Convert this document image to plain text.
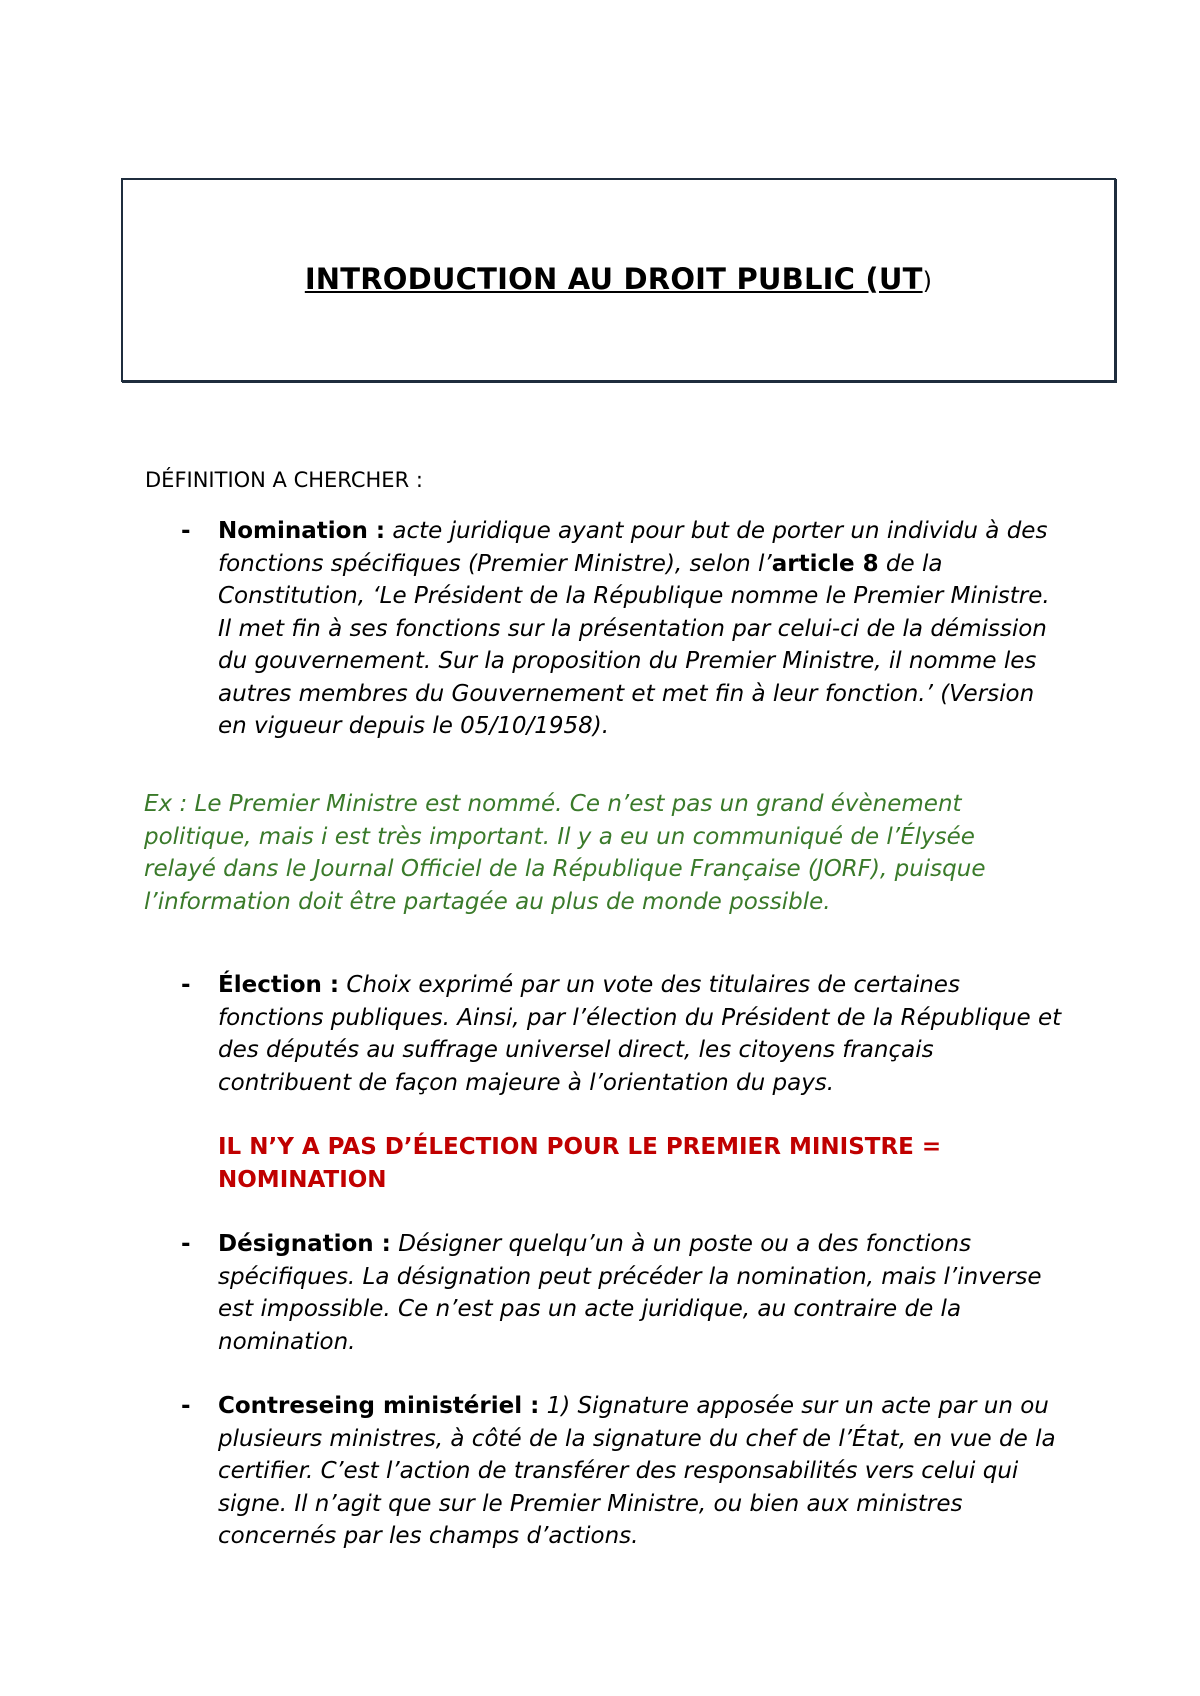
INTRODUCTION AU DROIT PUBLIC (UT)
DÉFINITION A CHERCHER :
- Nomination : acte juridique ayant pour but de porter un individu à des fonctions spécifiques (Premier Ministre), selon l’article 8 de la Constitution, ‘Le Président de la République nomme le Premier Ministre. Il met fin à ses fonctions sur la présentation par celui-ci de la démission du gouvernement. Sur la proposition du Premier Ministre, il nomme les autres membres du Gouvernement et met fin à leur fonction.’ (Version en vigueur depuis le 05/10/1958).
Ex : Le Premier Ministre est nommé. Ce n’est pas un grand évènement politique, mais i est très important. Il y a eu un communiqué de l’Élysée relayé dans le Journal Officiel de la République Française (JORF), puisque l’information doit être partagée au plus de monde possible.
- Élection : Choix exprimé par un vote des titulaires de certaines fonctions publiques. Ainsi, par l’élection du Président de la République et des députés au suffrage universel direct, les citoyens français contribuent de façon majeure à l’orientation du pays.
IL N’Y A PAS D’ÉLECTION POUR LE PREMIER MINISTRE = NOMINATION
- Désignation : Désigner quelqu’un à un poste ou a des fonctions spécifiques. La désignation peut précéder la nomination, mais l’inverse est impossible. Ce n’est pas un acte juridique, au contraire de la nomination.
- Contreseing ministériel : 1) Signature apposée sur un acte par un ou plusieurs ministres, à côté de la signature du chef de l’État, en vue de la certifier. C’est l’action de transférer des responsabilités vers celui qui signe. Il n’agit que sur le Premier Ministre, ou bien aux ministres concernés par les champs d’actions.
